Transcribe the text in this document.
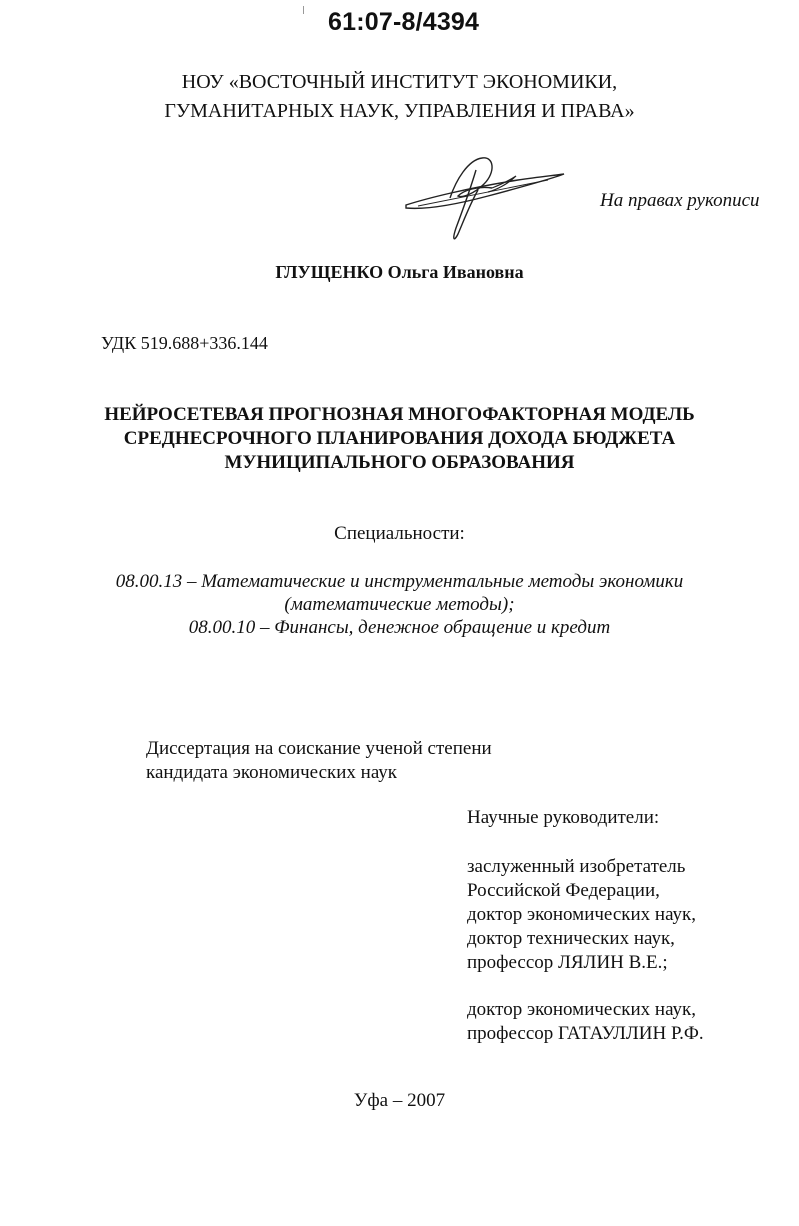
61:07-8/4394
НОУ «ВОСТОЧНЫЙ ИНСТИТУТ ЭКОНОМИКИ,
ГУМАНИТАРНЫХ НАУК, УПРАВЛЕНИЯ И ПРАВА»
На правах рукописи
ГЛУЩЕНКО Ольга Ивановна
УДК 519.688+336.144
НЕЙРОСЕТЕВАЯ ПРОГНОЗНАЯ МНОГОФАКТОРНАЯ МОДЕЛЬ
СРЕДНЕСРОЧНОГО ПЛАНИРОВАНИЯ ДОХОДА БЮДЖЕТА
МУНИЦИПАЛЬНОГО ОБРАЗОВАНИЯ
Специальности:
08.00.13 – Математические и инструментальные методы экономики
(математические методы);
08.00.10 – Финансы, денежное обращение и кредит
Диссертация на соискание ученой степени
кандидата экономических наук
Научные руководители:
заслуженный изобретатель
Российской Федерации,
доктор экономических наук,
доктор технических наук,
профессор ЛЯЛИН В.Е.;
доктор экономических наук,
профессор ГАТАУЛЛИН Р.Ф.
Уфа – 2007
